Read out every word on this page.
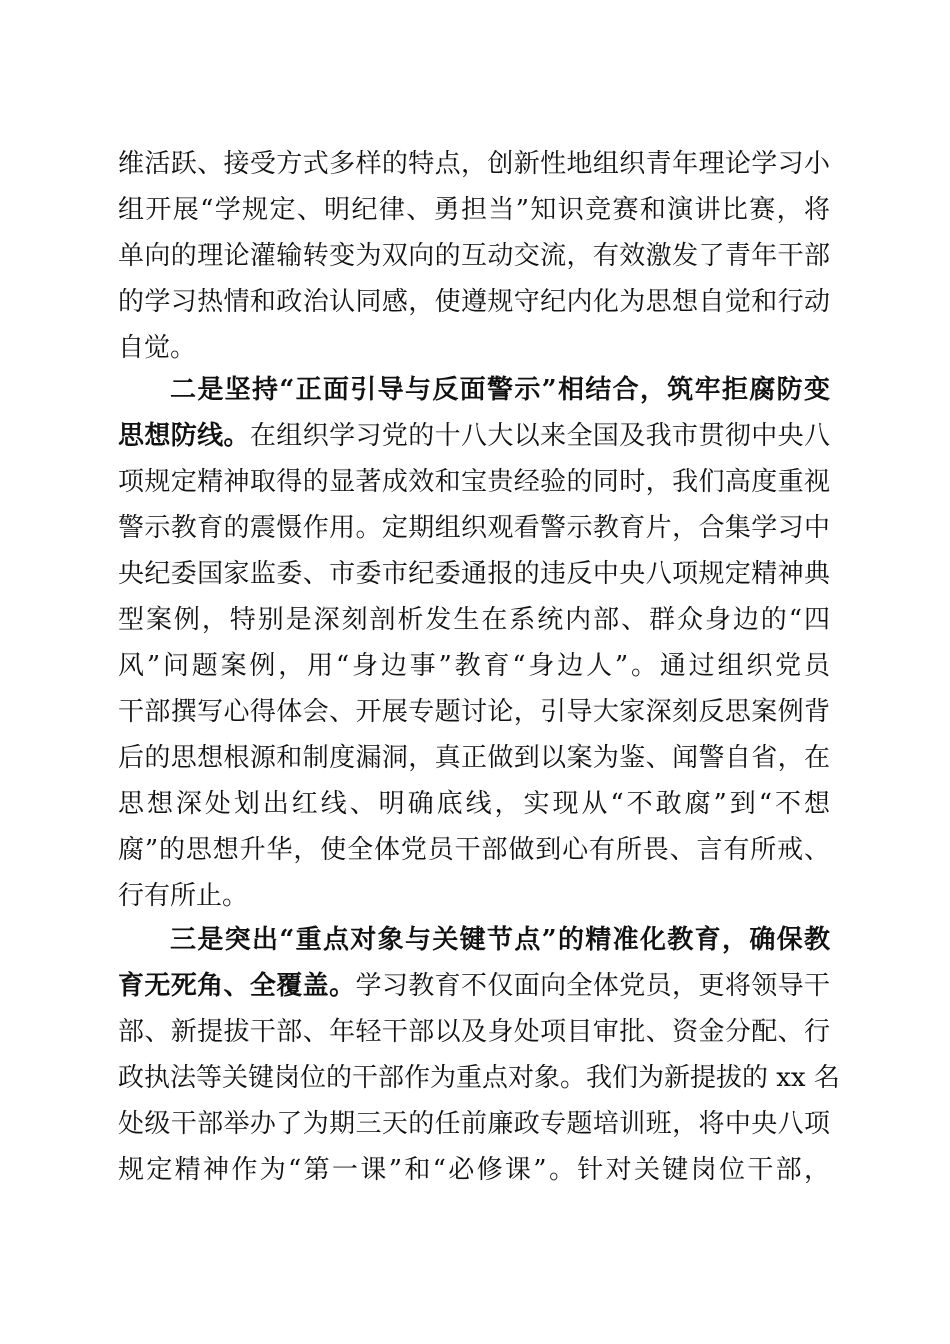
维活跃、接受方式多样的特点，创新性地组织青年理论学习小
组开展“学规定、明纪律、勇担当”知识竞赛和演讲比赛，将
单向的理论灌输转变为双向的互动交流，有效激发了青年干部
的学习热情和政治认同感，使遵规守纪内化为思想自觉和行动
自觉。
二是坚持“正面引导与反面警示”相结合，筑牢拒腐防变
思想防线。在组织学习党的十八大以来全国及我市贯彻中央八
项规定精神取得的显著成效和宝贵经验的同时，我们高度重视
警示教育的震慑作用。定期组织观看警示教育片，合集学习中
央纪委国家监委、市委市纪委通报的违反中央八项规定精神典
型案例，特别是深刻剖析发生在系统内部、群众身边的“四
风”问题案例，用“身边事”教育“身边人”。通过组织党员
干部撰写心得体会、开展专题讨论，引导大家深刻反思案例背
后的思想根源和制度漏洞，真正做到以案为鉴、闻警自省，在
思想深处划出红线、明确底线，实现从“不敢腐”到“不想
腐”的思想升华，使全体党员干部做到心有所畏、言有所戒、
行有所止。
三是突出“重点对象与关键节点”的精准化教育，确保教
育无死角、全覆盖。学习教育不仅面向全体党员，更将领导干
部、新提拔干部、年轻干部以及身处项目审批、资金分配、行
政执法等关键岗位的干部作为重点对象。我们为新提拔的 xx 名
处级干部举办了为期三天的任前廉政专题培训班，将中央八项
规定精神作为“第一课”和“必修课”。针对关键岗位干部，
